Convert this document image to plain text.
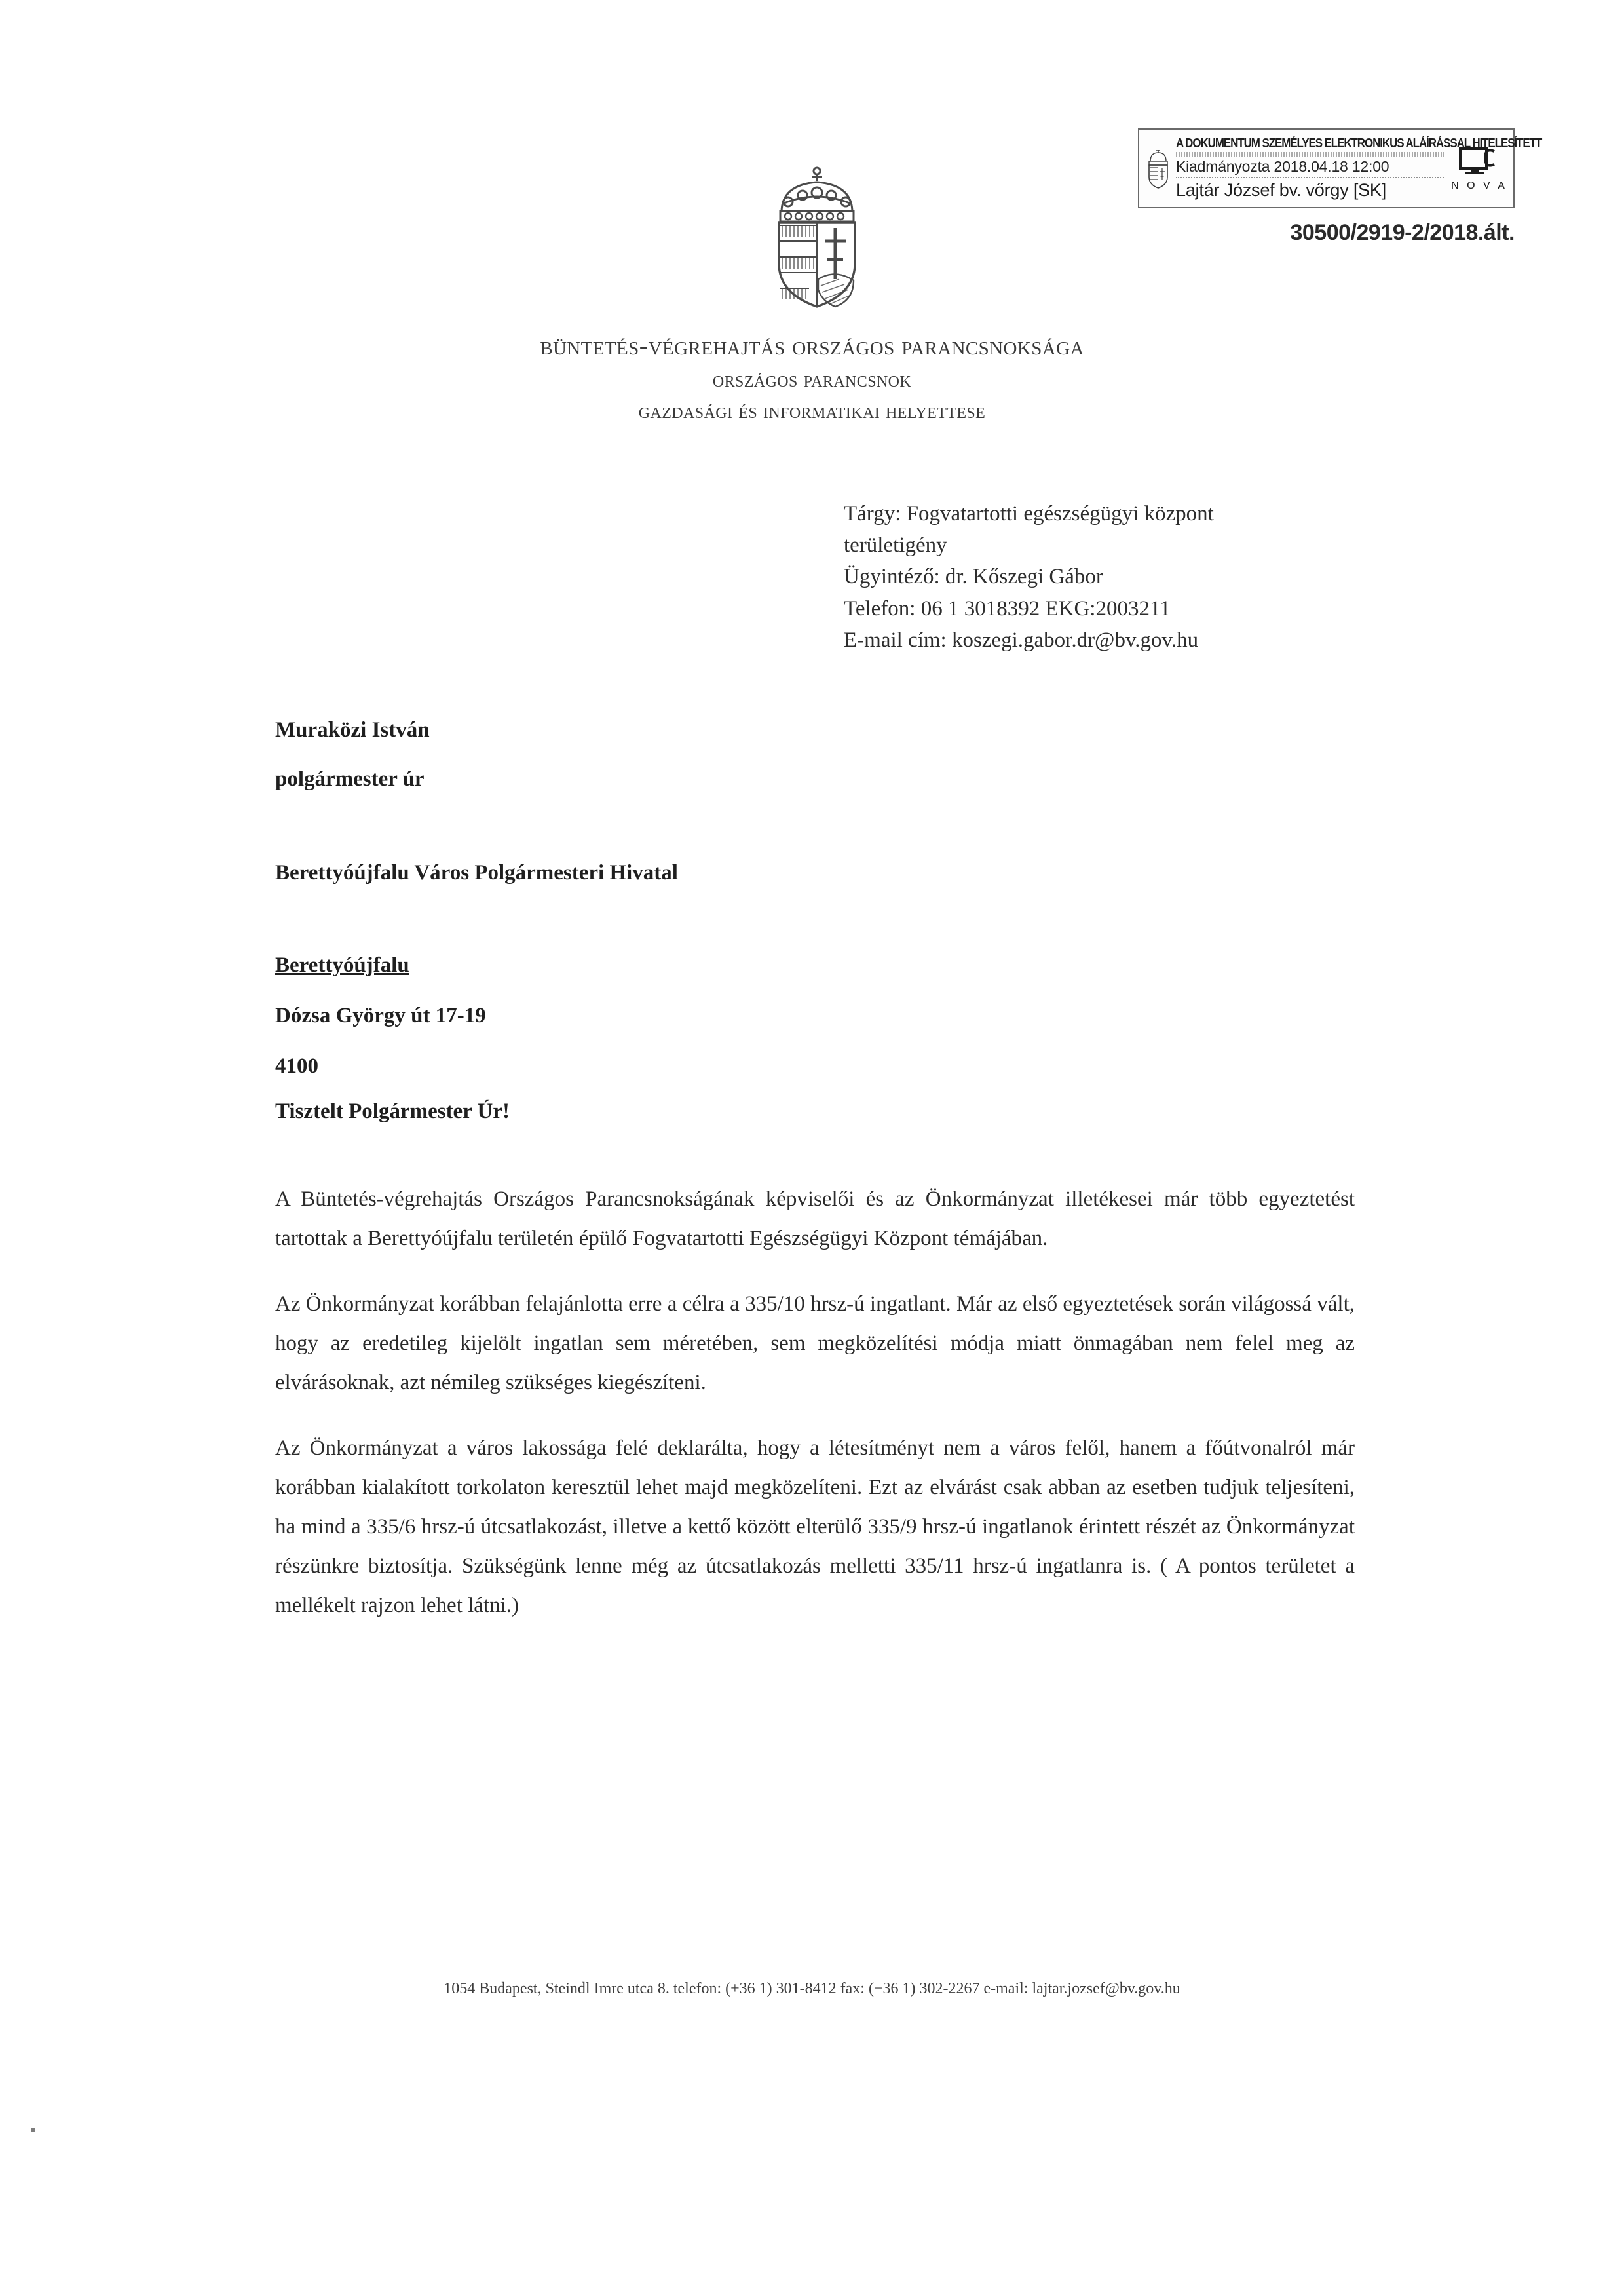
A DOKUMENTUM SZEMÉLYES ELEKTRONIKUS ALÁÍRÁSSAL HITELESÍTETT
Kiadmányozta 2018.04.18 12:00
Lajtár József bv. vőrgy [SK]	N O V A
30500/2919-2/2018.ált.
büntetés-végrehajtás országos parancsnoksága
országos parancsnok
gazdasági és informatikai helyettese
Tárgy: Fogvatartotti egészségügyi központ
területigény
Ügyintéző: dr. Kőszegi Gábor
Telefon: 06 1 3018392 EKG:2003211
E-mail cím: koszegi.gabor.dr@bv.gov.hu
Muraközi István
polgármester úr
Berettyóújfalu Város Polgármesteri Hivatal
Berettyóújfalu
Dózsa György út 17-19
4100
Tisztelt Polgármester Úr!

A Büntetés-végrehajtás Országos Parancsnokságának képviselői és az Önkormányzat illetékesei már több egyeztetést tartottak a Berettyóújfalu területén épülő Fogvatartotti Egészségügyi Központ témájában.

Az Önkormányzat korábban felajánlotta erre a célra a 335/10 hrsz-ú ingatlant. Már az első egyeztetések során világossá vált, hogy az eredetileg kijelölt ingatlan sem méretében, sem megközelítési módja miatt önmagában nem felel meg az elvárásoknak, azt némileg szükséges kiegészíteni.

Az Önkormányzat a város lakossága felé deklarálta, hogy a létesítményt nem a város felől, hanem a főútvonalról már korábban kialakított torkolaton keresztül lehet majd megközelíteni. Ezt az elvárást csak abban az esetben tudjuk teljesíteni, ha mind a 335/6 hrsz-ú útcsatlakozást, illetve a kettő között elterülő 335/9 hrsz-ú ingatlanok érintett részét az Önkormányzat részünkre biztosítja. Szükségünk lenne még az útcsatlakozás melletti 335/11 hrsz-ú ingatlanra is. ( A pontos területet a mellékelt rajzon lehet látni.)

1054 Budapest, Steindl Imre utca 8. telefon: (+36 1) 301-8412 fax: (−36 1) 302-2267 e-mail: lajtar.jozsef@bv.gov.hu
